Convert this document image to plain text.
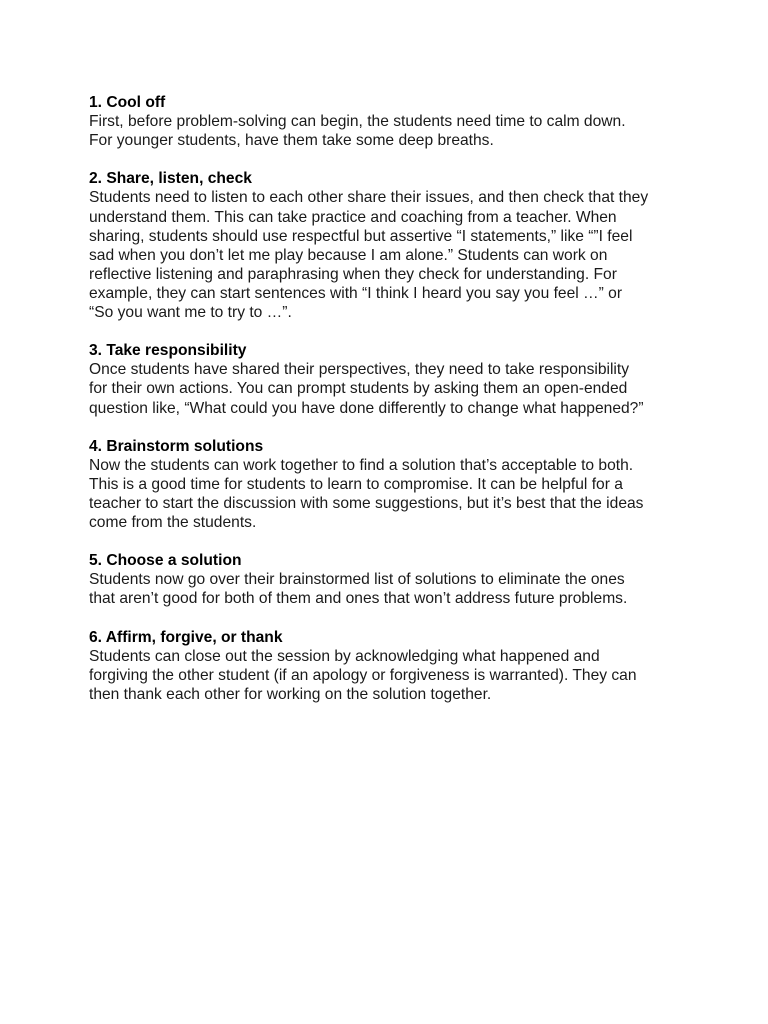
1. Cool off
First, before problem-solving can begin, the students need time to calm down.
For younger students, have them take some deep breaths.
2. Share, listen, check
Students need to listen to each other share their issues, and then check that they
understand them. This can take practice and coaching from a teacher. When
sharing, students should use respectful but assertive “I statements,” like “”I feel
sad when you don’t let me play because I am alone.” Students can work on
reflective listening and paraphrasing when they check for understanding. For
example, they can start sentences with “I think I heard you say you feel …” or
“So you want me to try to …”.
3. Take responsibility
Once students have shared their perspectives, they need to take responsibility
for their own actions. You can prompt students by asking them an open-ended
question like, “What could you have done differently to change what happened?”
4. Brainstorm solutions
Now the students can work together to find a solution that’s acceptable to both.
This is a good time for students to learn to compromise. It can be helpful for a
teacher to start the discussion with some suggestions, but it’s best that the ideas
come from the students.
5. Choose a solution
Students now go over their brainstormed list of solutions to eliminate the ones
that aren’t good for both of them and ones that won’t address future problems.
6. Affirm, forgive, or thank
Students can close out the session by acknowledging what happened and
forgiving the other student (if an apology or forgiveness is warranted). They can
then thank each other for working on the solution together.
